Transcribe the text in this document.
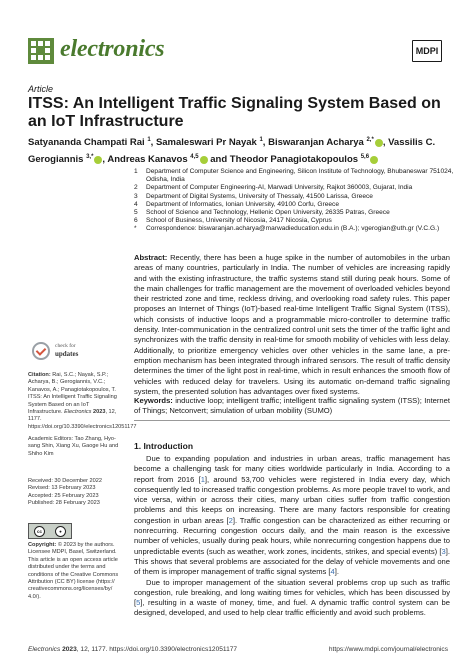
electronics	MDPI
Article
ITSS: An Intelligent Traffic Signaling System Based on an IoT Infrastructure
Satyananda Champati Rai $^1$, Samaleswari Pr Nayak $^1$, Biswaranjan Acharya $^{2,*}$ , Vassilis C. Gerogiannis $^{3,*}$ , Andreas Kanavos $^{4,5}$ and Theodor Panagiotakopoulos $^{5,6}$
1	Department of Computer Science and Engineering, Silicon Institute of Technology, Bhubaneswar 751024, Odisha, India
2	Department of Computer Engineering-AI, Marwadi University, Rajkot 360003, Gujarat, India
3	Department of Digital Systems, University of Thessaly, 41500 Larissa, Greece
4	Department of Informatics, Ionian University, 49100 Corfu, Greece
5	School of Science and Technology, Hellenic Open University, 26335 Patras, Greece
6	School of Business, University of Nicosia, 2417 Nicosia, Cyprus
*	Correspondence: biswaranjan.acharya@marwadieducation.edu.in (B.A.); vgerogian@uth.gr (V.C.G.)
Abstract: Recently, there has been a huge spike in the number of automobiles in the urban areas of many countries, particularly in India. The number of vehicles are increasing rapidly and with the existing infrastructure, the traffic systems stand still during peak hours. Some of the main challenges for traffic management are the movement of overloaded vehicles beyond their restricted zone and time, reckless driving, and overlooking road safety rules. This paper proposes an Internet of Things (IoT)-based real-time Intelligent Traffic Signal System (ITSS), which consists of inductive loops and a programmable micro-controller to determine traffic density. Inter-communication in the centralized control unit sets the timer of the traffic light and synchronizes with the traffic density in real-time for smooth mobility of vehicles with less delay. Additionally, to prioritize emergency vehicles over other vehicles in the same lane, a pre-emption mechanism has been integrated through infrared sensors. The result of traffic density determines the timer of the light post in real-time, which in result enhances the smooth flow of vehicles with reduced delay for travelers. Using its automatic on-demand traffic signaling system, the presented solution has advantages over fixed systems.
Keywords: inductive loop; intelligent traffic; intelligent traffic signaling system (ITSS); Internet of Things; Netconvert; simulation of urban mobility (SUMO)
1. Introduction

Due to expanding population and industries in urban areas, traffic management has become a challenging task for many cities worldwide particularly in India. According to a report from 2016 [1], around 53,700 vehicles were registered in India every day, which consequently led to increased traffic congestion problems. As more people travel to work, and vice versa, within or across their cities, many urban cities suffer from traffic congestion problems and this keeps on increasing. There are many factors responsible for creating congestion in urban areas [2]. Traffic congestion can be characterized as either recurring or nonrecurring. Recurring congestion occurs daily, and the main reason is the excessive number of vehicles, usually during peak hours, while nonrecurring congestion happens due to unpredictable events (such as weather, work zones, incidents, strikes, and special events) [3]. This shows that several problems are associated for the delay of vehicle movements and one of them is improper management of traffic signal systems [4].

Due to improper management of the situation several problems crop up such as traffic congestion, rule breaking, and long waiting times for vehicles, which has been discussed by [5], resulting in a waste of money, time, and fuel. A dynamic traffic control system can be designed, developed, and used to help clear traffic efficiently and avoid such problems.

check for
updates
Citation: Rai, S.C.; Nayak, S.P.; Acharya, B.; Gerogiannis, V.C.; Kanavos, A.; Panagiotakopoulos, T. ITSS: An Intelligent Traffic Signaling System Based on an IoT Infrastructure. Electronics 2023, 12, 1177. https://doi.org/10.3390/electronics12051177
Academic Editors: Tao Zhang, Hyo-sang Shin, Xiang Xu, Gaoge Hu and Shiho Kim
Received: 30 December 2022
Revised: 13 February 2023
Accepted: 25 February 2023
Published: 28 February 2023
cc	●
Copyright: © 2023 by the authors. Licensee MDPI, Basel, Switzerland. This article is an open access article distributed under the terms and conditions of the Creative Commons Attribution (CC BY) license (https:// creativecommons.org/licenses/by/ 4.0/).
Electronics 2023, 12, 1177. https://doi.org/10.3390/electronics12051177	https://www.mdpi.com/journal/electronics
